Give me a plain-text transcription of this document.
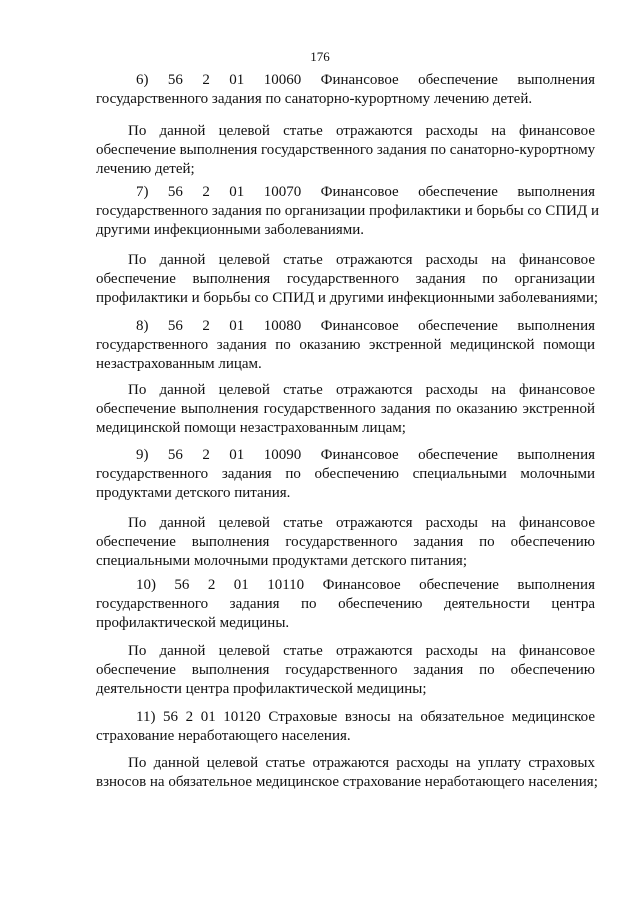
176
6) 56 2 01 10060 Финансовое обеспечение выполнения
государственного задания по санаторно-курортному лечению детей.
По данной целевой статье отражаются расходы на финансовое
обеспечение выполнения государственного задания по санаторно-курортному
лечению детей;
7) 56 2 01 10070 Финансовое обеспечение выполнения
государственного задания по организации профилактики и борьбы со СПИД и
другими инфекционными заболеваниями.
По данной целевой статье отражаются расходы на финансовое
обеспечение выполнения государственного задания по организации
профилактики и борьбы со СПИД и другими инфекционными заболеваниями;
8) 56 2 01 10080 Финансовое обеспечение выполнения
государственного задания по оказанию экстренной медицинской помощи
незастрахованным лицам.
По данной целевой статье отражаются расходы на финансовое
обеспечение выполнения государственного задания по оказанию экстренной
медицинской помощи незастрахованным лицам;
9) 56 2 01 10090 Финансовое обеспечение выполнения
государственного задания по обеспечению специальными молочными
продуктами детского питания.
По данной целевой статье отражаются расходы на финансовое
обеспечение выполнения государственного задания по обеспечению
специальными молочными продуктами детского питания;
10) 56 2 01 10110 Финансовое обеспечение выполнения
государственного задания по обеспечению деятельности центра
профилактической медицины.
По данной целевой статье отражаются расходы на финансовое
обеспечение выполнения государственного задания по обеспечению
деятельности центра профилактической медицины;
11) 56 2 01 10120 Страховые взносы на обязательное медицинское
страхование неработающего населения.
По данной целевой статье отражаются расходы на уплату страховых
взносов на обязательное медицинское страхование неработающего населения;
